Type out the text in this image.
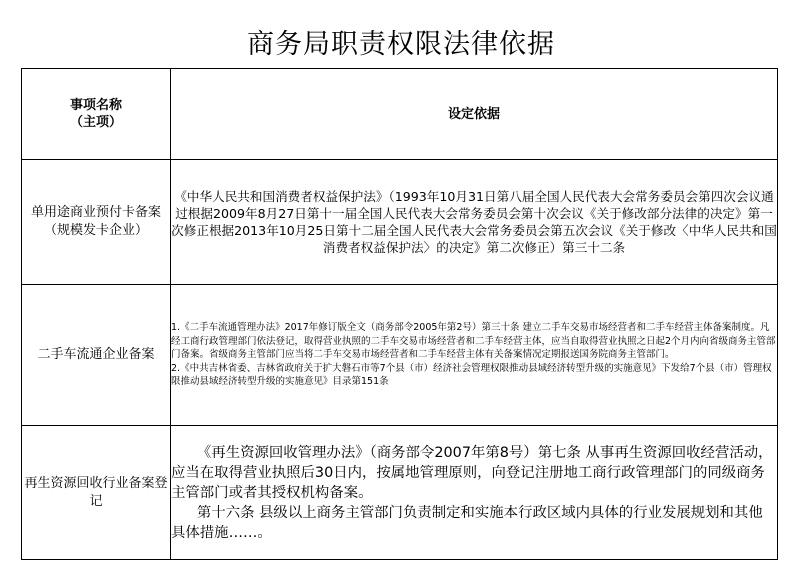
商务局职责权限法律依据
事项名称
（主项）	设定依据
单用途商业预付卡备案（规模发卡企业）	《中华人民共和国消费者权益保护法》（1993年10月31日第八届全国人民代表大会常务委员会第四次会议通过根据2009年8月27日第十一届全国人民代表大会常务委员会第十次会议《关于修改部分法律的决定》第一次修正根据2013年10月25日第十二届全国人民代表大会常务委员会第五次会议《关于修改〈中华人民共和国消费者权益保护法〉的决定》第二次修正）第三十二条
二手车流通企业备案	1.《二手车流通管理办法》2017年修订版全文（商务部令2005年第2号）第三十条 建立二手车交易市场经营者和二手车经营主体备案制度。凡经工商行政管理部门依法登记，取得营业执照的二手车交易市场经营者和二手车经营主体，应当自取得营业执照之日起2个月内向省级商务主管部门备案。省级商务主管部门应当将二手车交易市场经营者和二手车经营主体有关备案情况定期报送国务院商务主管部门。
2.《中共吉林省委、吉林省政府关于扩大磐石市等7个县（市）经济社会管理权限推动县域经济转型升级的实施意见》下发给7个县（市）管理权限推动县域经济转型升级的实施意见》目录第151条

再生资源回收行业备案登记	《再生资源回收管理办法》（商务部令2007年第8号）第七条 从事再生资源回收经营活动，应当在取得营业执照后30日内，按属地管理原则，向登记注册地工商行政管理部门的同级商务主管部门或者其授权机构备案。

第十六条 县级以上商务主管部门负责制定和实施本行政区域内具体的行业发展规划和其他具体措施……。
